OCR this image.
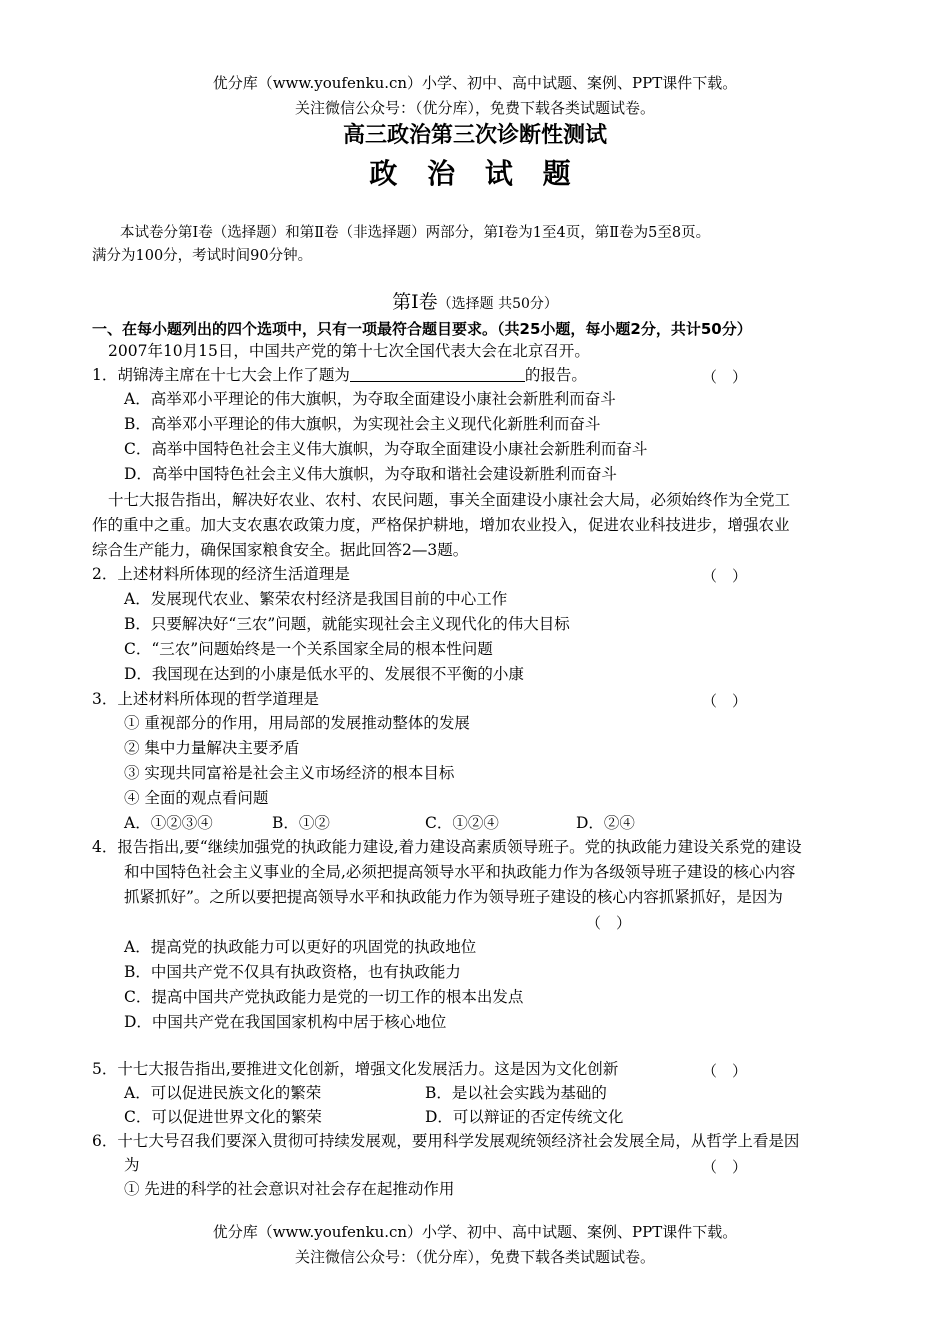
优分库（www.youfenku.cn）小学、初中、高中试题、案例、PPT课件下载。
关注微信公众号：（优分库），免费下载各类试题试卷。
高三政治第三次诊断性测试
政 治 试 题
本试卷分第Ⅰ卷（选择题）和第Ⅱ卷（非选择题）两部分，第Ⅰ卷为1至4页，第Ⅱ卷为5至8页。
满分为100分，考试时间90分钟。
第Ⅰ卷（选择题 共50分）
一、在每小题列出的四个选项中，只有一项最符合题目要求。（共25小题，每小题2分，共计50分）
2007年10月15日，中国共产党的第十七次全国代表大会在北京召开。
1．胡锦涛主席在十七大会上作了题为	的报告。	（　）
A．高举邓小平理论的伟大旗帜，为夺取全面建设小康社会新胜利而奋斗
B．高举邓小平理论的伟大旗帜，为实现社会主义现代化新胜利而奋斗
C．高举中国特色社会主义伟大旗帜，为夺取全面建设小康社会新胜利而奋斗
D．高举中国特色社会主义伟大旗帜，为夺取和谐社会建设新胜利而奋斗
十七大报告指出，解决好农业、农村、农民问题，事关全面建设小康社会大局，必须始终作为全党工
作的重中之重。加大支农惠农政策力度，严格保护耕地，增加农业投入，促进农业科技进步，增强农业
综合生产能力，确保国家粮食安全。据此回答2—3题。
2．上述材料所体现的经济生活道理是	（　）
A．发展现代农业、繁荣农村经济是我国目前的中心工作
B．只要解决好“三农”问题，就能实现社会主义现代化的伟大目标
C．“三农”问题始终是一个关系国家全局的根本性问题
D．我国现在达到的小康是低水平的、发展很不平衡的小康
3．上述材料所体现的哲学道理是	（　）
① 重视部分的作用，用局部的发展推动整体的发展
② 集中力量解决主要矛盾
③ 实现共同富裕是社会主义市场经济的根本目标
④ 全面的观点看问题
A．①②③④	B．①②	C．①②④	D．②④
4．报告指出,要“继续加强党的执政能力建设,着力建设高素质领导班子。党的执政能力建设关系党的建设
和中国特色社会主义事业的全局,必须把提高领导水平和执政能力作为各级领导班子建设的核心内容
抓紧抓好”。之所以要把提高领导水平和执政能力作为领导班子建设的核心内容抓紧抓好，是因为
（　）
A．提高党的执政能力可以更好的巩固党的执政地位
B．中国共产党不仅具有执政资格，也有执政能力
C．提高中国共产党执政能力是党的一切工作的根本出发点
D．中国共产党在我国国家机构中居于核心地位
5．十七大报告指出,要推进文化创新，增强文化发展活力。这是因为文化创新	（　）
A．可以促进民族文化的繁荣	B．是以社会实践为基础的
C．可以促进世界文化的繁荣	D．可以辩证的否定传统文化
6．十七大号召我们要深入贯彻可持续发展观，要用科学发展观统领经济社会发展全局，从哲学上看是因
为	（　）
① 先进的科学的社会意识对社会存在起推动作用
优分库（www.youfenku.cn）小学、初中、高中试题、案例、PPT课件下载。
关注微信公众号：（优分库），免费下载各类试题试卷。
